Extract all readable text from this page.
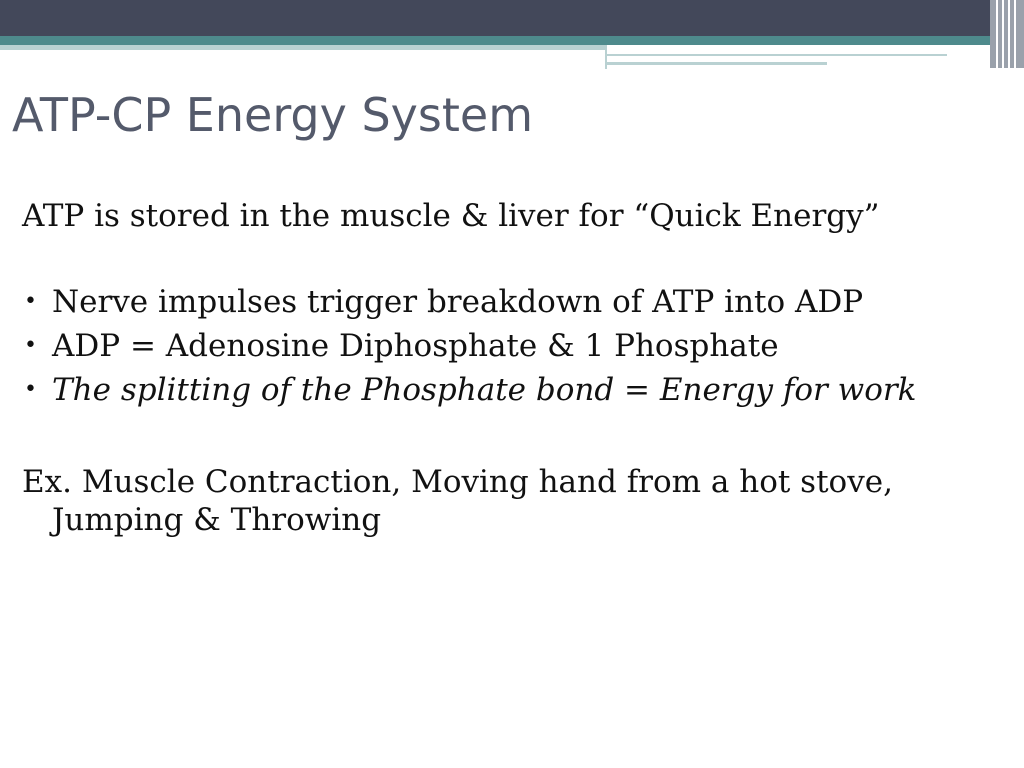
ATP-CP Energy System

ATP is stored in the muscle & liver for “Quick Energy”

• Nerve impulses trigger breakdown of ATP into ADP

• ADP = Adenosine Diphosphate & 1 Phosphate

• The splitting of the Phosphate bond = Energy for work

Ex. Muscle Contraction, Moving hand from a hot stove, Jumping & Throwing
